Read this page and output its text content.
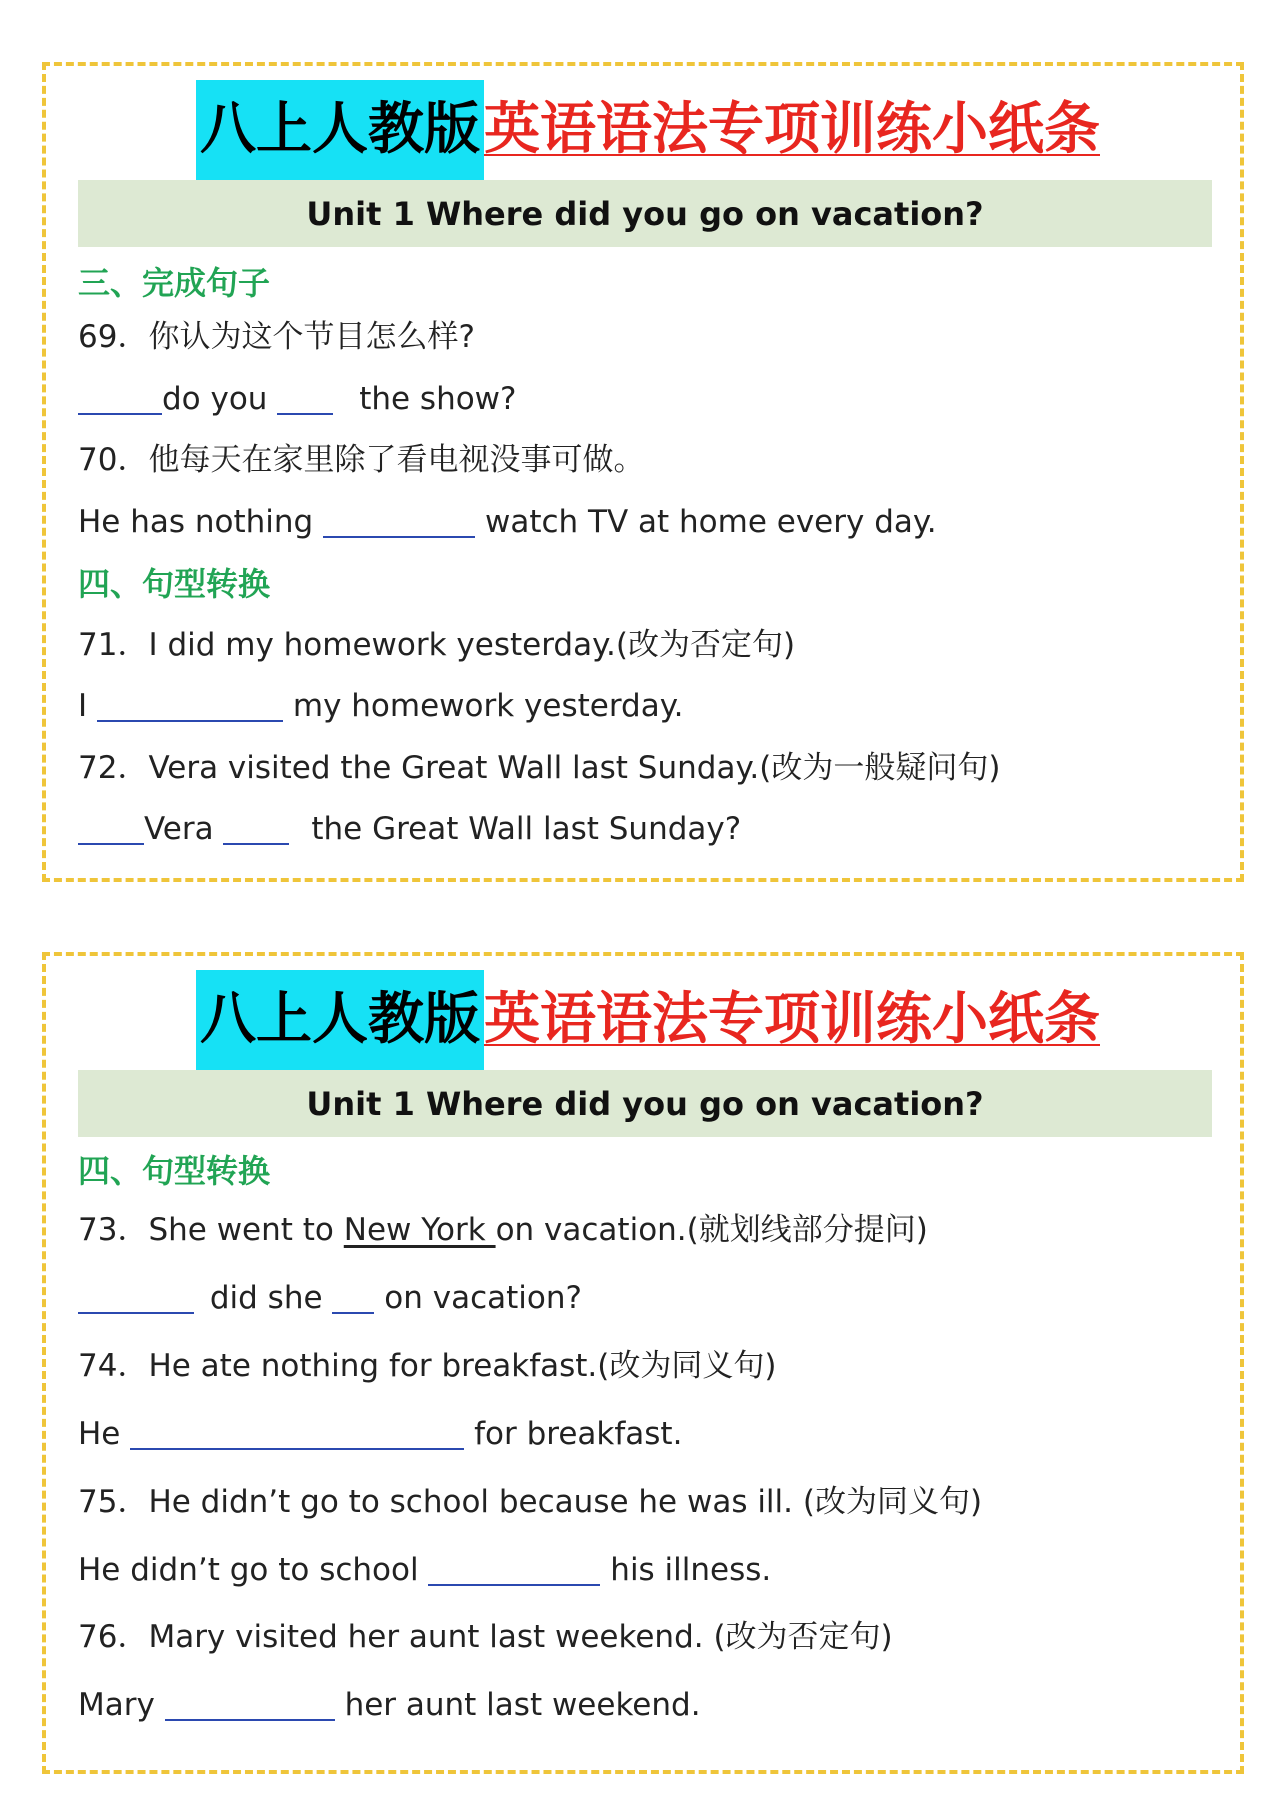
八上人教版 英语语法专项训练小纸条
Unit 1 Where did you go on vacation?
三、完成句子
69．你认为这个节目怎么样?
do you	the show?
70．他每天在家里除了看电视没事可做。
He has nothing	watch TV at home every day.
四、句型转换
71．I did my homework yesterday.(改为否定句)
I	my homework yesterday.
72．Vera visited the Great Wall last Sunday.(改为一般疑问句)
Vera	the Great Wall last Sunday?
八上人教版 英语语法专项训练小纸条
Unit 1 Where did you go on vacation?
四、句型转换
73．She went to New York on vacation.(就划线部分提问)
did she on vacation?
74．He ate nothing for breakfast.(改为同义句)
He	for breakfast.
75．He didn’t go to school because he was ill. (改为同义句)
He didn’t go to school	his illness.
76．Mary visited her aunt last weekend. (改为否定句)
Mary	her aunt last weekend.
